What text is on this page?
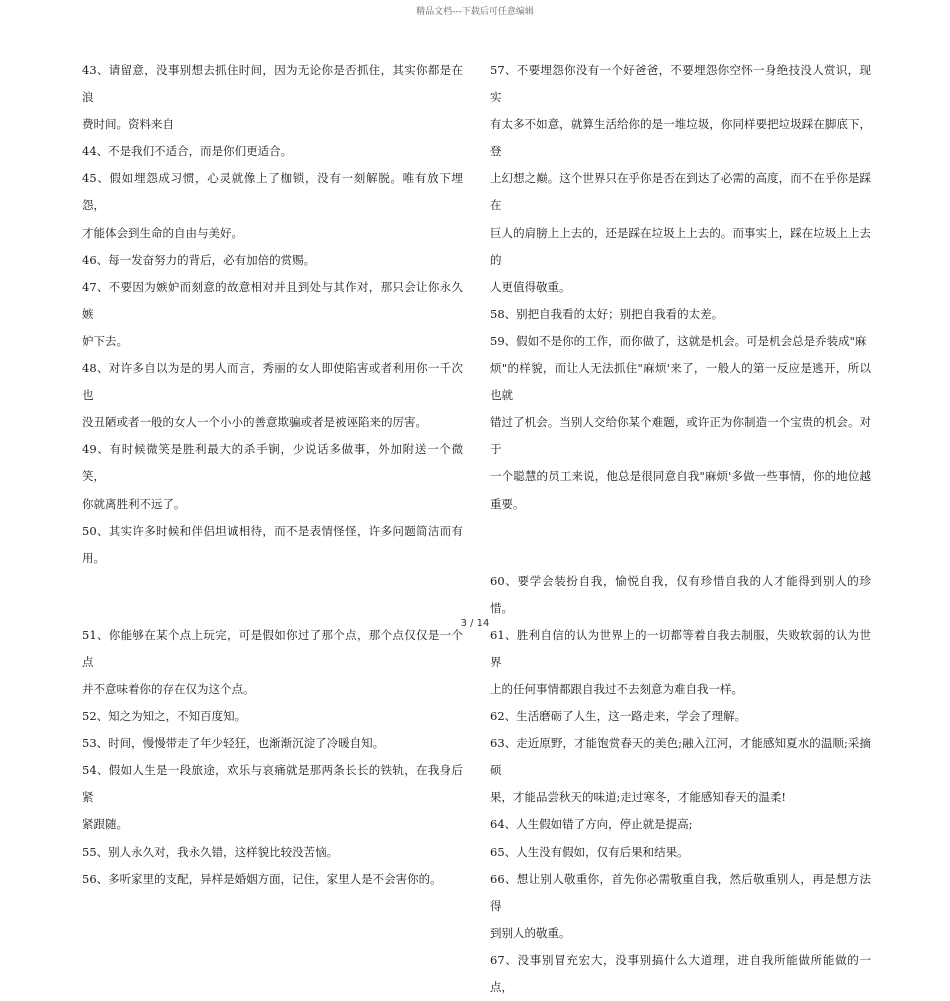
精品文档---下载后可任意编辑

43、请留意，没事别想去抓住时间，因为无论你是否抓住，其实你都是在浪
费时间。资料来自

44、不是我们不适合，而是你们更适合。

45、假如埋怨成习惯，心灵就像上了枷锁，没有一刻解脱。唯有放下埋怨，
才能体会到生命的自由与美好。

46、每一发奋努力的背后，必有加倍的赏赐。

47、不要因为嫉妒而刻意的故意相对并且到处与其作对，那只会让你永久嫉
妒下去。

48、对许多自以为是的男人而言，秀丽的女人即使陷害或者利用你一千次也
没丑陋或者一般的女人一个小小的善意欺骗或者是被诬陷来的厉害。

49、有时候微笑是胜利最大的杀手锏，少说话多做事，外加附送一个微笑，
你就离胜利不远了。

50、其实许多时候和伴侣坦诚相待，而不是表情怪怪，许多问题简洁而有用。

51、你能够在某个点上玩完，可是假如你过了那个点，那个点仅仅是一个点
并不意味着你的存在仅为这个点。

52、知之为知之，不知百度知。

53、时间，慢慢带走了年少轻狂，也渐渐沉淀了冷暖自知。

54、假如人生是一段旅途，欢乐与哀痛就是那两条长长的铁轨，在我身后紧
紧跟随。

55、别人永久对，我永久错，这样貌比较没苦恼。

56、多听家里的支配，异样是婚姻方面，记住，家里人是不会害你的。

57、不要埋怨你没有一个好爸爸，不要埋怨你空怀一身绝技没人赏识，现实
有太多不如意，就算生活给你的是一堆垃圾，你同样要把垃圾踩在脚底下，登
上幻想之巅。这个世界只在乎你是否在到达了必需的高度，而不在乎你是踩在
巨人的肩膀上上去的，还是踩在垃圾上上去的。而事实上，踩在垃圾上上去的
人更值得敬重。

58、别把自我看的太好；别把自我看的太差。

59、假如不是你的工作，而你做了，这就是机会。可是机会总是乔装成"麻
烦"的样貌，而让人无法抓住"麻烦'来了，一般人的第一反应是逃开，所以也就
错过了机会。当别人交给你某个难题，或许正为你制造一个宝贵的机会。对于
一个聪慧的员工来说，他总是很同意自我"麻烦'多做一些事情，你的地位越重要。

60、要学会装扮自我，愉悦自我，仅有珍惜自我的人才能得到别人的珍惜。

61、胜利自信的认为世界上的一切都等着自我去制服，失败软弱的认为世界
上的任何事情都跟自我过不去刻意为难自我一样。

62、生活磨砺了人生，这一路走来，学会了理解。

63、走近原野，才能饱赏春天的美色;融入江河，才能感知夏水的温顺;采摘硕
果，才能品尝秋天的味道;走过寒冬，才能感知春天的温柔!

64、人生假如错了方向，停止就是提高;

65、人生没有假如，仅有后果和结果。

66、想让别人敬重你，首先你必需敬重自我，然后敬重别人，再是想方法得
到别人的敬重。

67、没事别冒充宏大，没事别搞什么大道理，进自我所能做所能做的一点，

3 / 14
